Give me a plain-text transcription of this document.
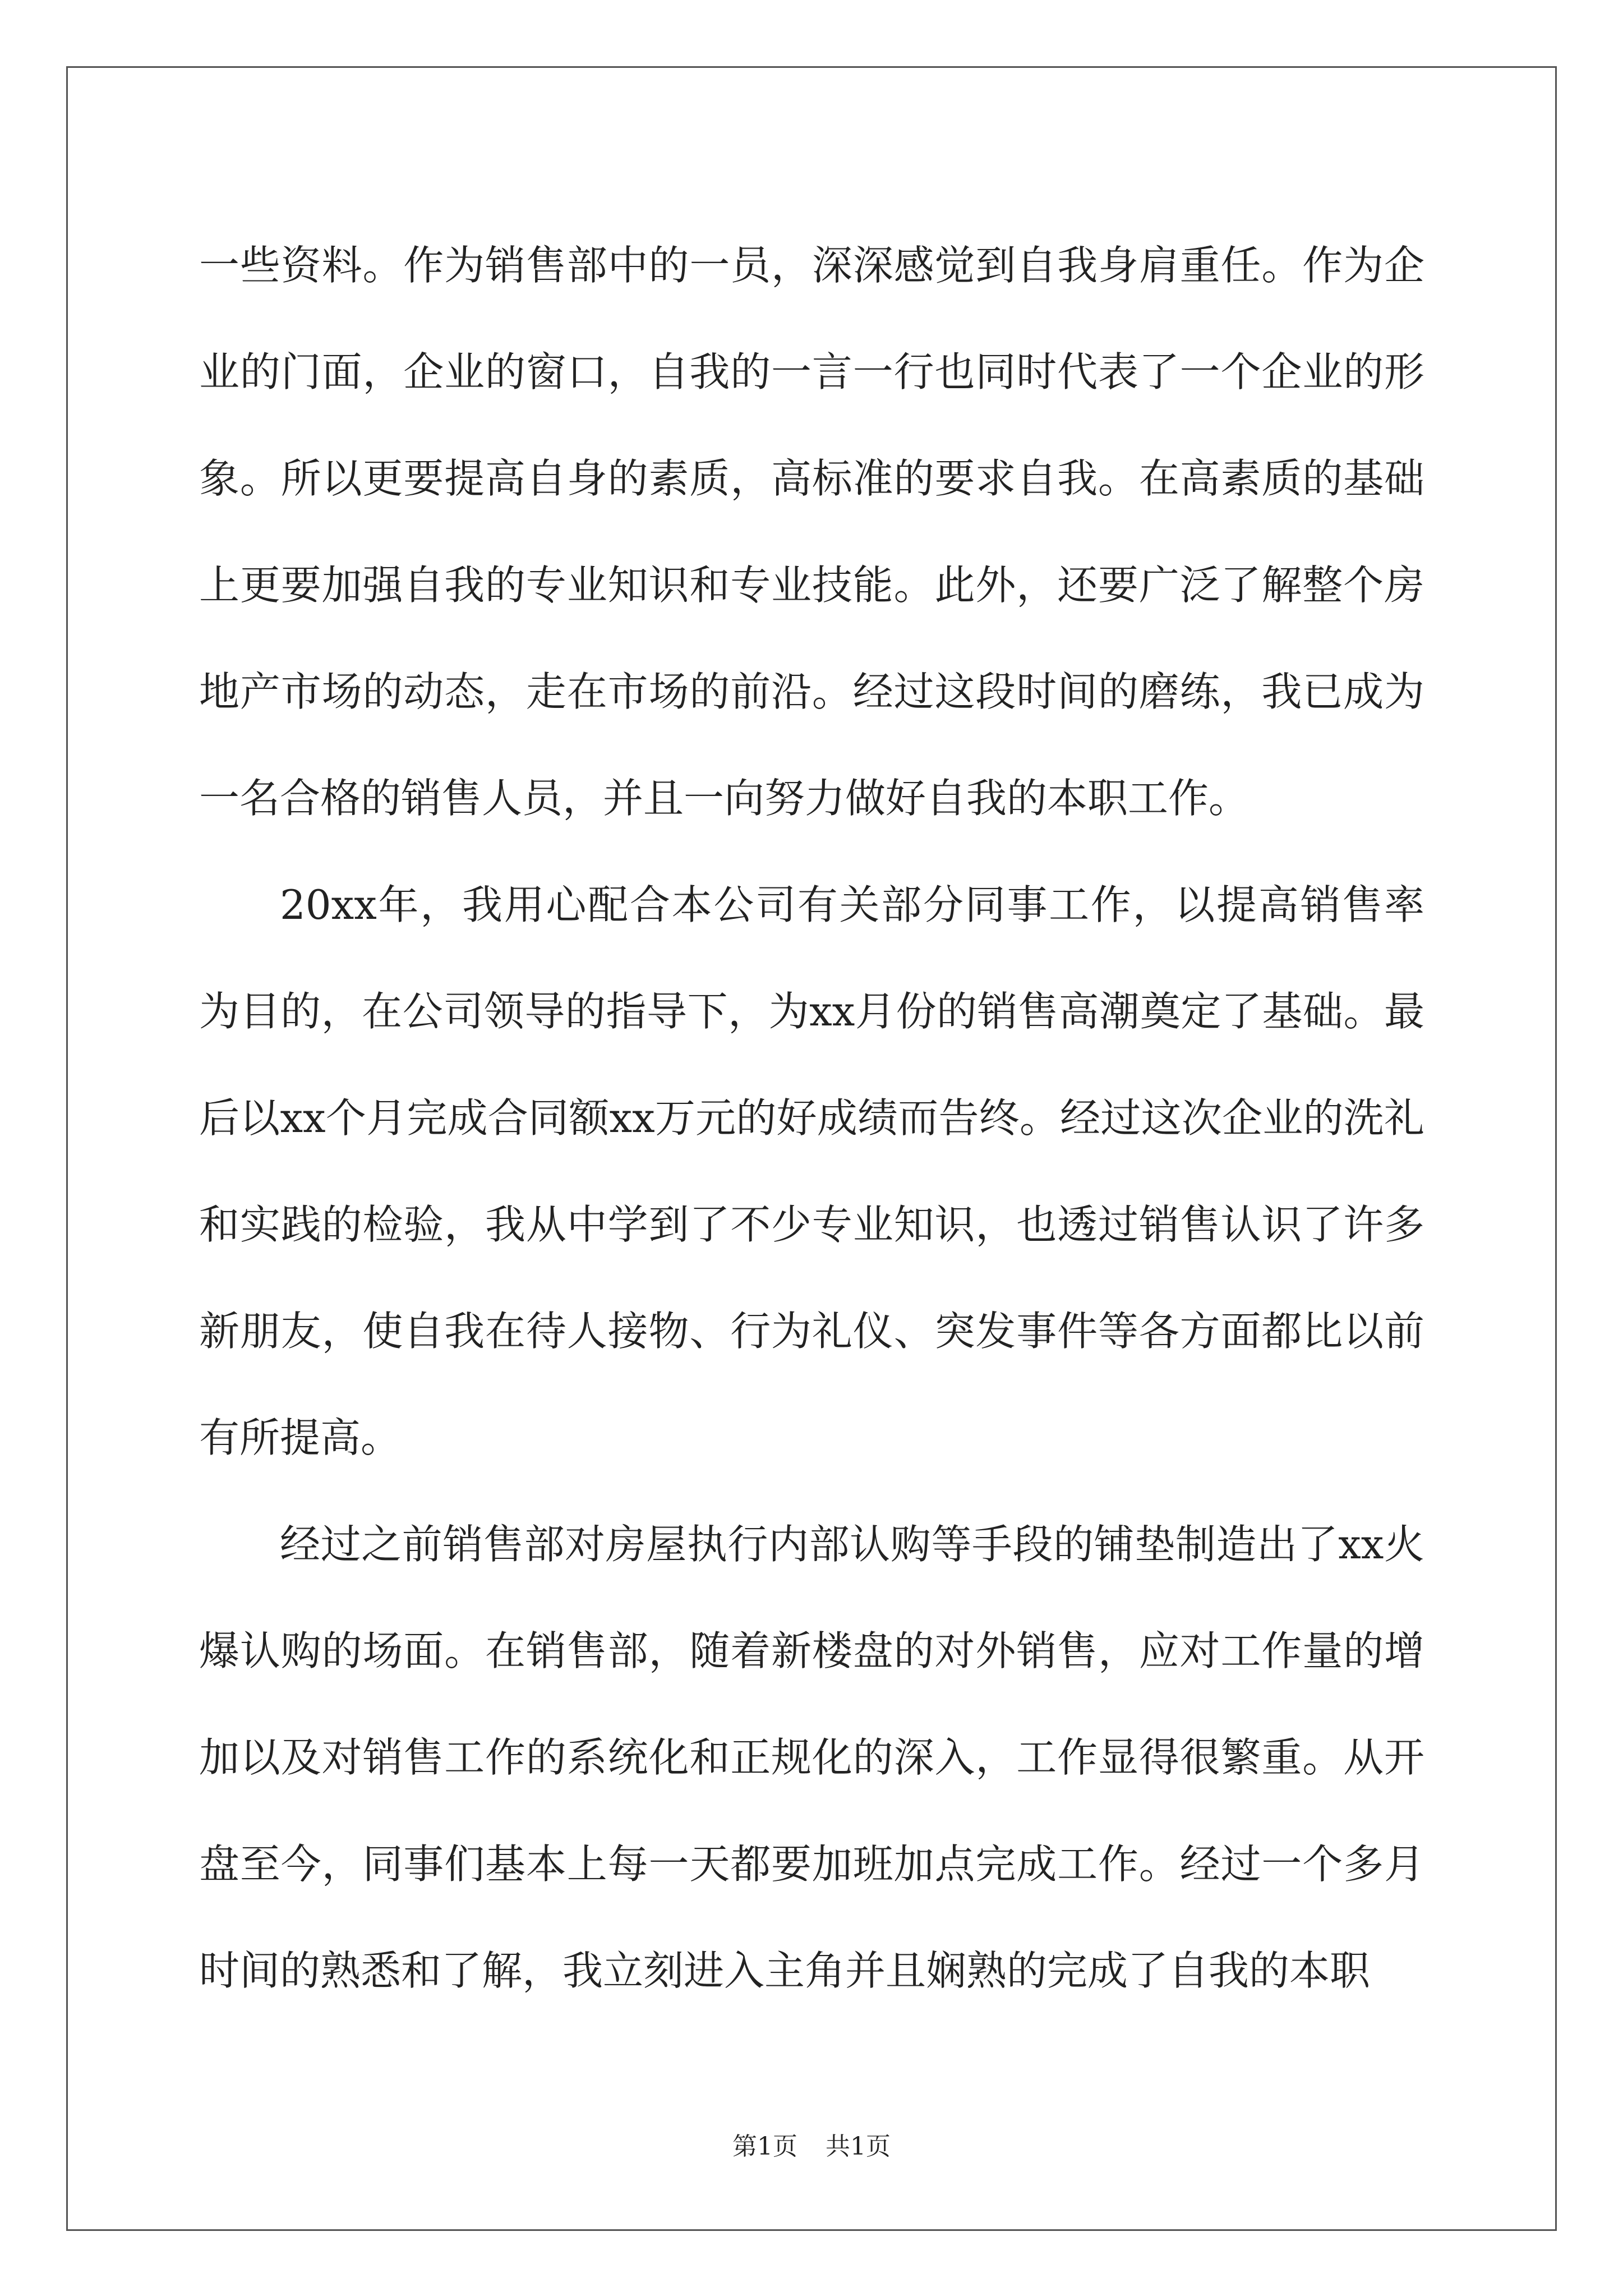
一些资料。作为销售部中的一员，深深感觉到自我身肩重任。作为企业的门面，企业的窗口，自我的一言一行也同时代表了一个企业的形象。所以更要提高自身的素质，高标准的要求自我。在高素质的基础上更要加强自我的专业知识和专业技能。此外，还要广泛了解整个房地产市场的动态，走在市场的前沿。经过这段时间的磨练，我已成为一名合格的销售人员，并且一向努力做好自我的本职工作。

20xx年，我用心配合本公司有关部分同事工作，以提高销售率为目的，在公司领导的指导下，为xx月份的销售高潮奠定了基础。最后以xx个月完成合同额xx万元的好成绩而告终。经过这次企业的洗礼和实践的检验，我从中学到了不少专业知识，也透过销售认识了许多新朋友，使自我在待人接物、行为礼仪、突发事件等各方面都比以前有所提高。

经过之前销售部对房屋执行内部认购等手段的铺垫制造出了xx火爆认购的场面。在销售部，随着新楼盘的对外销售，应对工作量的增加以及对销售工作的系统化和正规化的深入，工作显得很繁重。从开盘至今，同事们基本上每一天都要加班加点完成工作。经过一个多月时间的熟悉和了解，我立刻进入主角并且娴熟的完成了自我的本职

第1页 共1页
